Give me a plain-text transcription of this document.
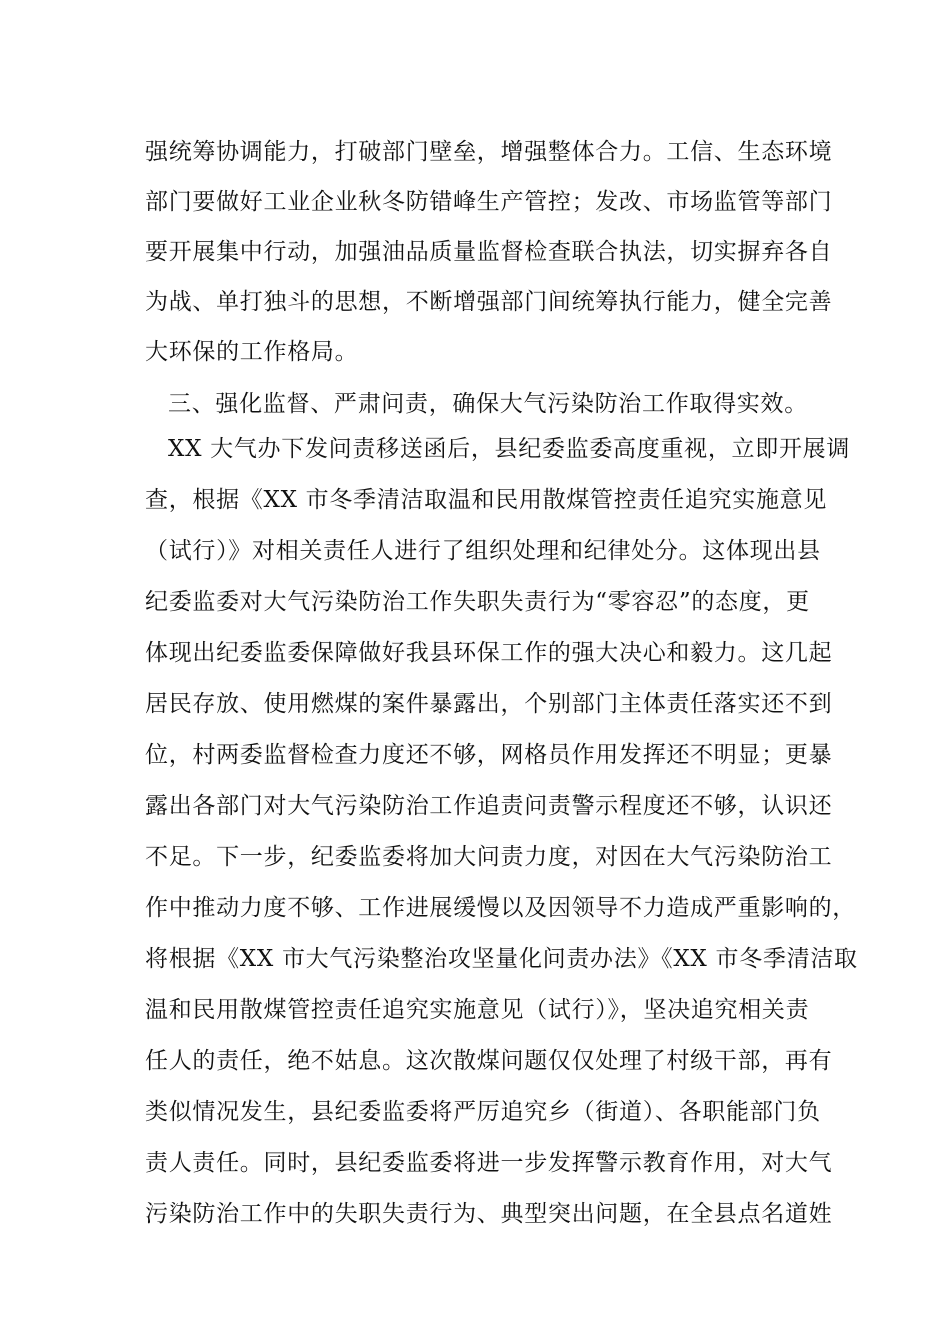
强统筹协调能力，打破部门壁垒，增强整体合力。工信、生态环境

部门要做好工业企业秋冬防错峰生产管控；发改、市场监管等部门

要开展集中行动，加强油品质量监督检查联合执法，切实摒弃各自

为战、单打独斗的思想，不断增强部门间统筹执行能力，健全完善

大环保的工作格局。

三、强化监督、严肃问责，确保大气污染防治工作取得实效。

XX 大气办下发问责移送函后，县纪委监委高度重视，立即开展调

查，根据《XX 市冬季清洁取温和民用散煤管控责任追究实施意见

（试行）》对相关责任人进行了组织处理和纪律处分。这体现出县

纪委监委对大气污染防治工作失职失责行为“零容忍”的态度，更

体现出纪委监委保障做好我县环保工作的强大决心和毅力。这几起

居民存放、使用燃煤的案件暴露出，个别部门主体责任落实还不到

位，村两委监督检查力度还不够，网格员作用发挥还不明显；更暴

露出各部门对大气污染防治工作追责问责警示程度还不够，认识还

不足。下一步，纪委监委将加大问责力度，对因在大气污染防治工

作中推动力度不够、工作进展缓慢以及因领导不力造成严重影响的，

将根据《XX 市大气污染整治攻坚量化问责办法》《XX 市冬季清洁取

温和民用散煤管控责任追究实施意见（试行）》，坚决追究相关责

任人的责任，绝不姑息。这次散煤问题仅仅处理了村级干部，再有

类似情况发生，县纪委监委将严厉追究乡（街道）、各职能部门负

责人责任。同时，县纪委监委将进一步发挥警示教育作用，对大气

污染防治工作中的失职失责行为、典型突出问题，在全县点名道姓
